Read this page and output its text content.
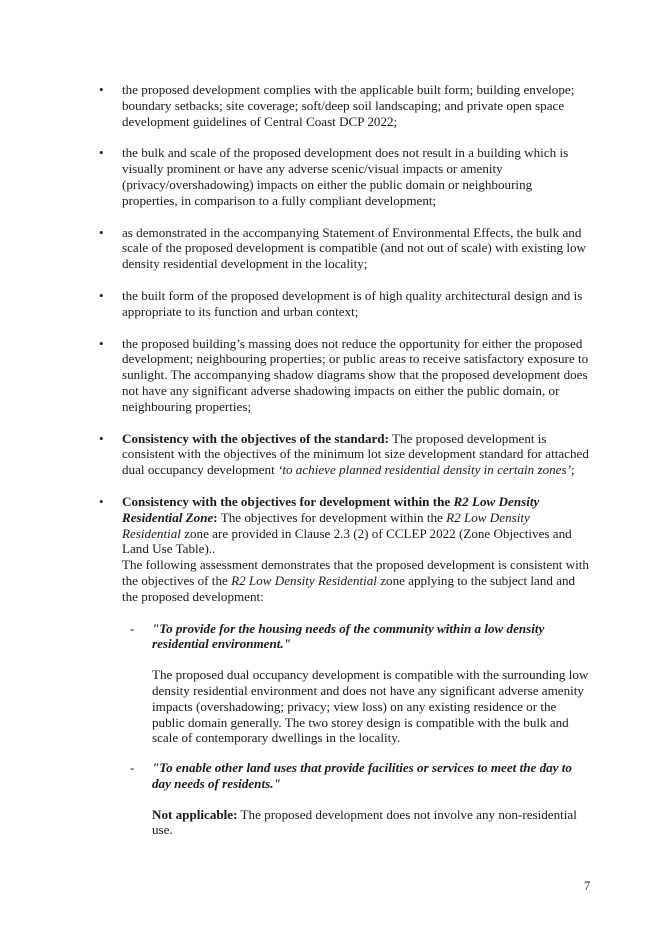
• the proposed development complies with the applicable built form; building envelope; boundary setbacks; site coverage; soft/deep soil landscaping; and private open space development guidelines of Central Coast DCP 2022;

• the bulk and scale of the proposed development does not result in a building which is visually prominent or have any adverse scenic/visual impacts or amenity (privacy/overshadowing) impacts on either the public domain or neighbouring properties, in comparison to a fully compliant development;

• as demonstrated in the accompanying Statement of Environmental Effects, the bulk and scale of the proposed development is compatible (and not out of scale) with existing low density residential development in the locality;

• the built form of the proposed development is of high quality architectural design and is appropriate to its function and urban context;

• the proposed building’s massing does not reduce the opportunity for either the proposed development; neighbouring properties; or public areas to receive satisfactory exposure to sunlight. The accompanying shadow diagrams show that the proposed development does not have any significant adverse shadowing impacts on either the public domain, or neighbouring properties;

• Consistency with the objectives of the standard: The proposed development is consistent with the objectives of the minimum lot size development standard for attached dual occupancy development ‘to achieve planned residential density in certain zones’;

• Consistency with the objectives for development within the R2 Low Density Residential Zone: The objectives for development within the R2 Low Density Residential zone are provided in Clause 2.3 (2) of CCLEP 2022 (Zone Objectives and Land Use Table)..

The following assessment demonstrates that the proposed development is consistent with the objectives of the R2 Low Density Residential zone applying to the subject land and the proposed development:

- "To provide for the housing needs of the community within a low density residential environment."

The proposed dual occupancy development is compatible with the surrounding low density residential environment and does not have any significant adverse amenity impacts (overshadowing; privacy; view loss) on any existing residence or the public domain generally. The two storey design is compatible with the bulk and scale of contemporary dwellings in the locality.

- "To enable other land uses that provide facilities or services to meet the day to day needs of residents."

Not applicable: The proposed development does not involve any non-residential use.

7
